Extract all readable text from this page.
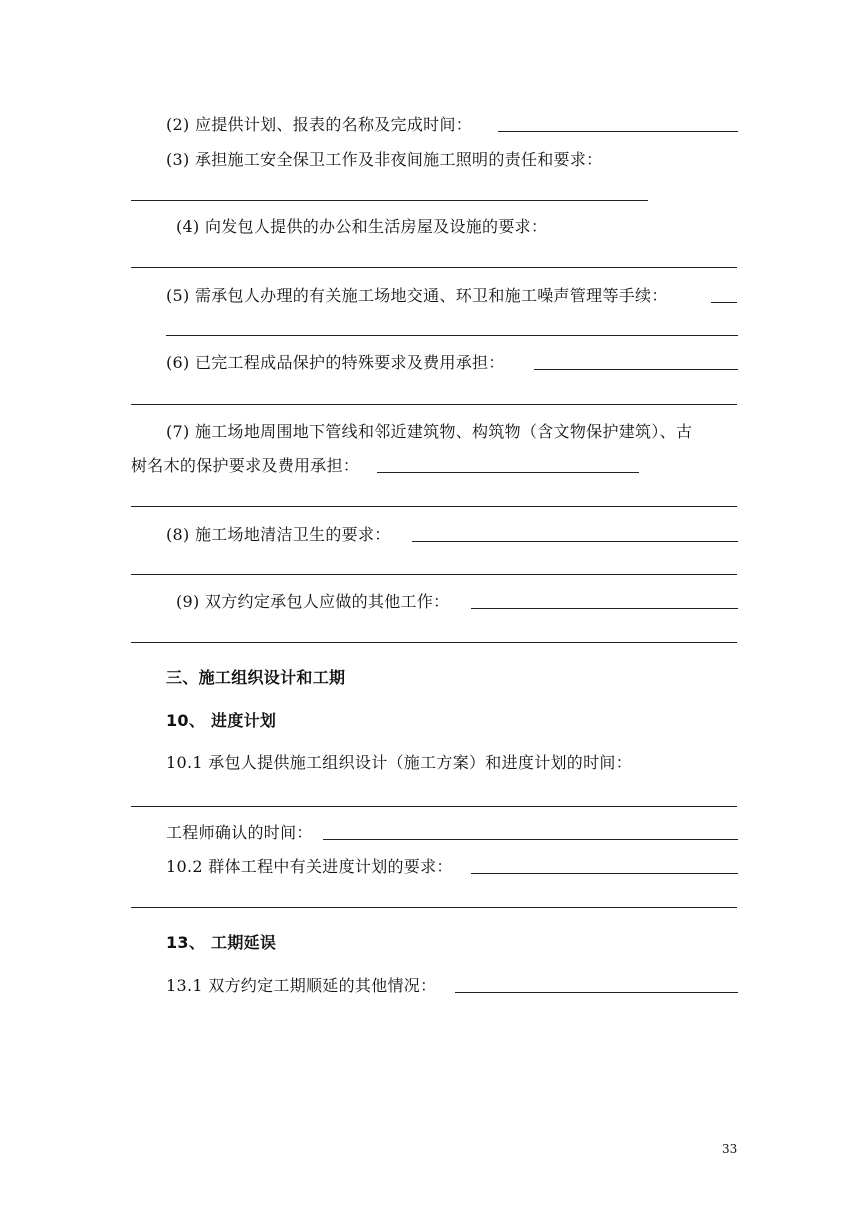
(2) 应提供计划、报表的名称及完成时间：
(3) 承担施工安全保卫工作及非夜间施工照明的责任和要求：
(4) 向发包人提供的办公和生活房屋及设施的要求：
(5) 需承包人办理的有关施工场地交通、环卫和施工噪声管理等手续：
(6) 已完工程成品保护的特殊要求及费用承担：
(7) 施工场地周围地下管线和邻近建筑物、构筑物（含文物保护建筑）、古
树名木的保护要求及费用承担：
(8) 施工场地清洁卫生的要求：
(9) 双方约定承包人应做的其他工作：
三、施工组织设计和工期
10、 进度计划
10.1 承包人提供施工组织设计（施工方案）和进度计划的时间：
工程师确认的时间：
10.2 群体工程中有关进度计划的要求：
13、 工期延误
13.1 双方约定工期顺延的其他情况：
33
